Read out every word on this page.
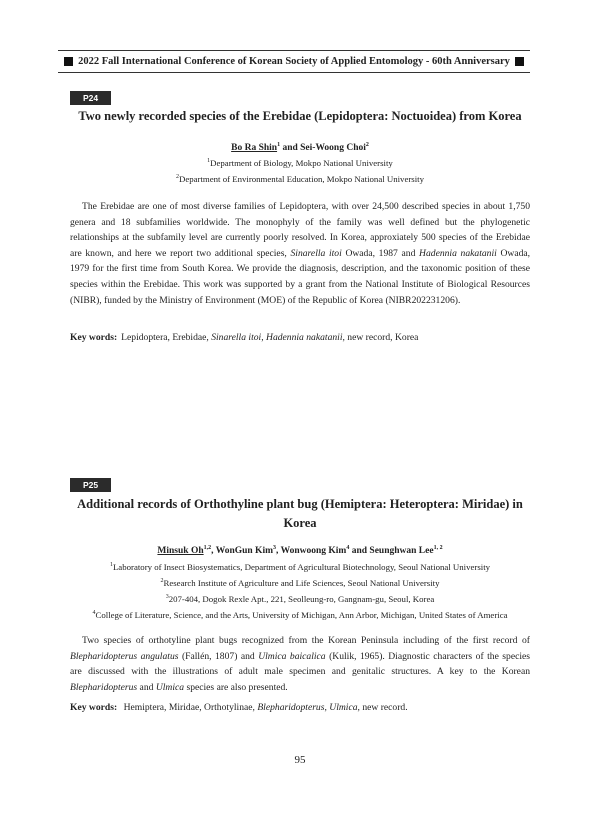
2022 Fall International Conference of Korean Society of Applied Entomology - 60th Anniversary
P24
Two newly recorded species of the Erebidae (Lepidoptera: Noctuoidea) from Korea
Bo Ra Shin$^1$ and Sei-Woong Choi$^2$
$^1$Department of Biology, Mokpo National University
$^2$Department of Environmental Education, Mokpo National University

The Erebidae are one of most diverse families of Lepidoptera, with over 24,500 described species in about 1,750 genera and 18 subfamilies worldwide. The monophyly of the family was well defined but the phylogenetic relationships at the subfamily level are currently poorly resolved. In Korea, approxiately 500 species of the Erebidae are known, and here we report two additional species, Sinarella itoi Owada, 1987 and Hadennia nakatanii Owada, 1979 for the first time from South Korea. We provide the diagnosis, description, and the taxonomic position of these species within the Erebidae. This work was supported by a grant from the National Institute of Biological Resources (NIBR), funded by the Ministry of Environment (MOE) of the Republic of Korea (NIBR202231206).

Key words: Lepidoptera, Erebidae, Sinarella itoi, Hadennia nakatanii, new record, Korea
P25
Additional records of Orthothyline plant bug (Hemiptera: Heteroptera: Miridae) in
Korea
Minsuk Oh$^{1,2}$, WonGun Kim$^3$, Wonwoong Kim$^4$ and Seunghwan Lee$^{1, 2}$
$^1$Laboratory of Insect Biosystematics, Department of Agricultural Biotechnology, Seoul National University
$^2$Research Institute of Agriculture and Life Sciences, Seoul National University
$^3$207-404, Dogok Rexle Apt., 221, Seolleung-ro, Gangnam-gu, Seoul, Korea
$^4$College of Literature, Science, and the Arts, University of Michigan, Ann Arbor, Michigan, United States of America

Two species of orthotyline plant bugs recognized from the Korean Peninsula including of the first record of Blepharidopterus angulatus (Fallén, 1807) and Ulmica baicalica (Kulik, 1965). Diagnostic characters of the species are discussed with the illustrations of adult male specimen and genitalic structures. A key to the Korean Blepharidopterus and Ulmica species are also presented.

Key words: Hemiptera, Miridae, Orthotylinae, Blepharidopterus, Ulmica, new record.
95
